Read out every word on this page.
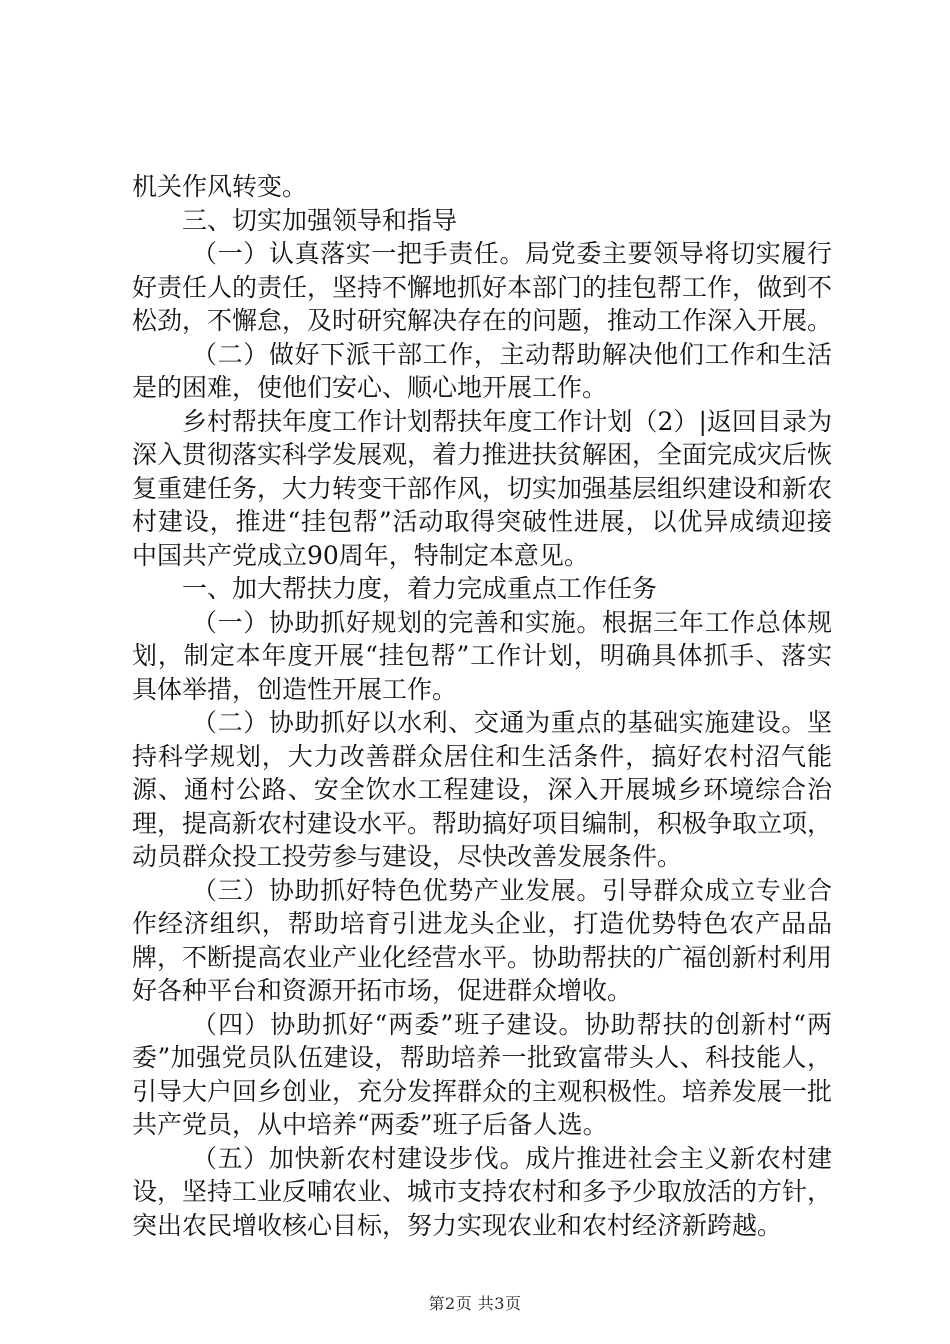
机关作风转变。

三、切实加强领导和指导

（一）认真落实一把手责任。局党委主要领导将切实履行好责任人的责任，坚持不懈地抓好本部门的挂包帮工作，做到不松劲，不懈怠，及时研究解决存在的问题，推动工作深入开展。

（二）做好下派干部工作，主动帮助解决他们工作和生活是的困难，使他们安心、顺心地开展工作。

乡村帮扶年度工作计划帮扶年度工作计划（2）|返回目录为深入贯彻落实科学发展观，着力推进扶贫解困，全面完成灾后恢复重建任务，大力转变干部作风，切实加强基层组织建设和新农村建设，推进“挂包帮”活动取得突破性进展，以优异成绩迎接中国共产党成立90周年，特制定本意见。

一、加大帮扶力度，着力完成重点工作任务

（一）协助抓好规划的完善和实施。根据三年工作总体规划，制定本年度开展“挂包帮”工作计划，明确具体抓手、落实具体举措，创造性开展工作。

（二）协助抓好以水利、交通为重点的基础实施建设。坚持科学规划，大力改善群众居住和生活条件，搞好农村沼气能源、通村公路、安全饮水工程建设，深入开展城乡环境综合治理，提高新农村建设水平。帮助搞好项目编制，积极争取立项，动员群众投工投劳参与建设，尽快改善发展条件。

（三）协助抓好特色优势产业发展。引导群众成立专业合作经济组织，帮助培育引进龙头企业，打造优势特色农产品品牌，不断提高农业产业化经营水平。协助帮扶的广福创新村利用好各种平台和资源开拓市场，促进群众增收。

（四）协助抓好“两委”班子建设。协助帮扶的创新村“两委”加强党员队伍建设，帮助培养一批致富带头人、科技能人，引导大户回乡创业，充分发挥群众的主观积极性。培养发展一批共产党员，从中培养“两委”班子后备人选。

（五）加快新农村建设步伐。成片推进社会主义新农村建设，坚持工业反哺农业、城市支持农村和多予少取放活的方针，突出农民增收核心目标，努力实现农业和农村经济新跨越。

第2页 共3页
